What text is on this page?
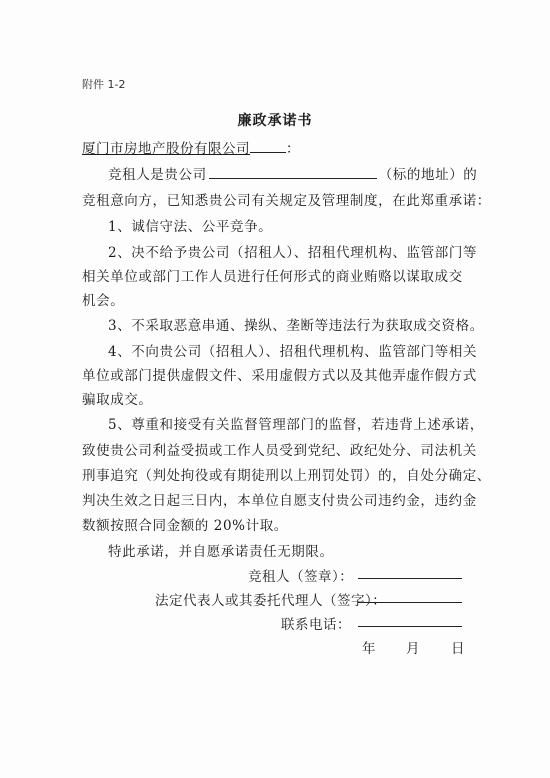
附件 1-2
廉政承诺书
厦门市房地产股份有限公司	：
竞租人是贵公司	（标的地址）的
竞租意向方，已知悉贵公司有关规定及管理制度，在此郑重承诺：
1、诚信守法、公平竞争。
2、决不给予贵公司（招租人）、招租代理机构、监管部门等
相关单位或部门工作人员进行任何形式的商业贿赂以谋取成交
机会。
3、不采取恶意串通、操纵、垄断等违法行为获取成交资格。
4、不向贵公司（招租人）、招租代理机构、监管部门等相关
单位或部门提供虚假文件、采用虚假方式以及其他弄虚作假方式
骗取成交。
5、尊重和接受有关监督管理部门的监督，若违背上述承诺，
致使贵公司利益受损或工作人员受到党纪、政纪处分、司法机关
刑事追究（判处拘役或有期徒刑以上刑罚处罚）的，自处分确定、
判决生效之日起三日内，本单位自愿支付贵公司违约金，违约金
数额按照合同金额的 20%计取。
特此承诺，并自愿承诺责任无期限。
竞租人（签章）：
法定代表人或其委托代理人（签字）：
联系电话：
年 月 日
